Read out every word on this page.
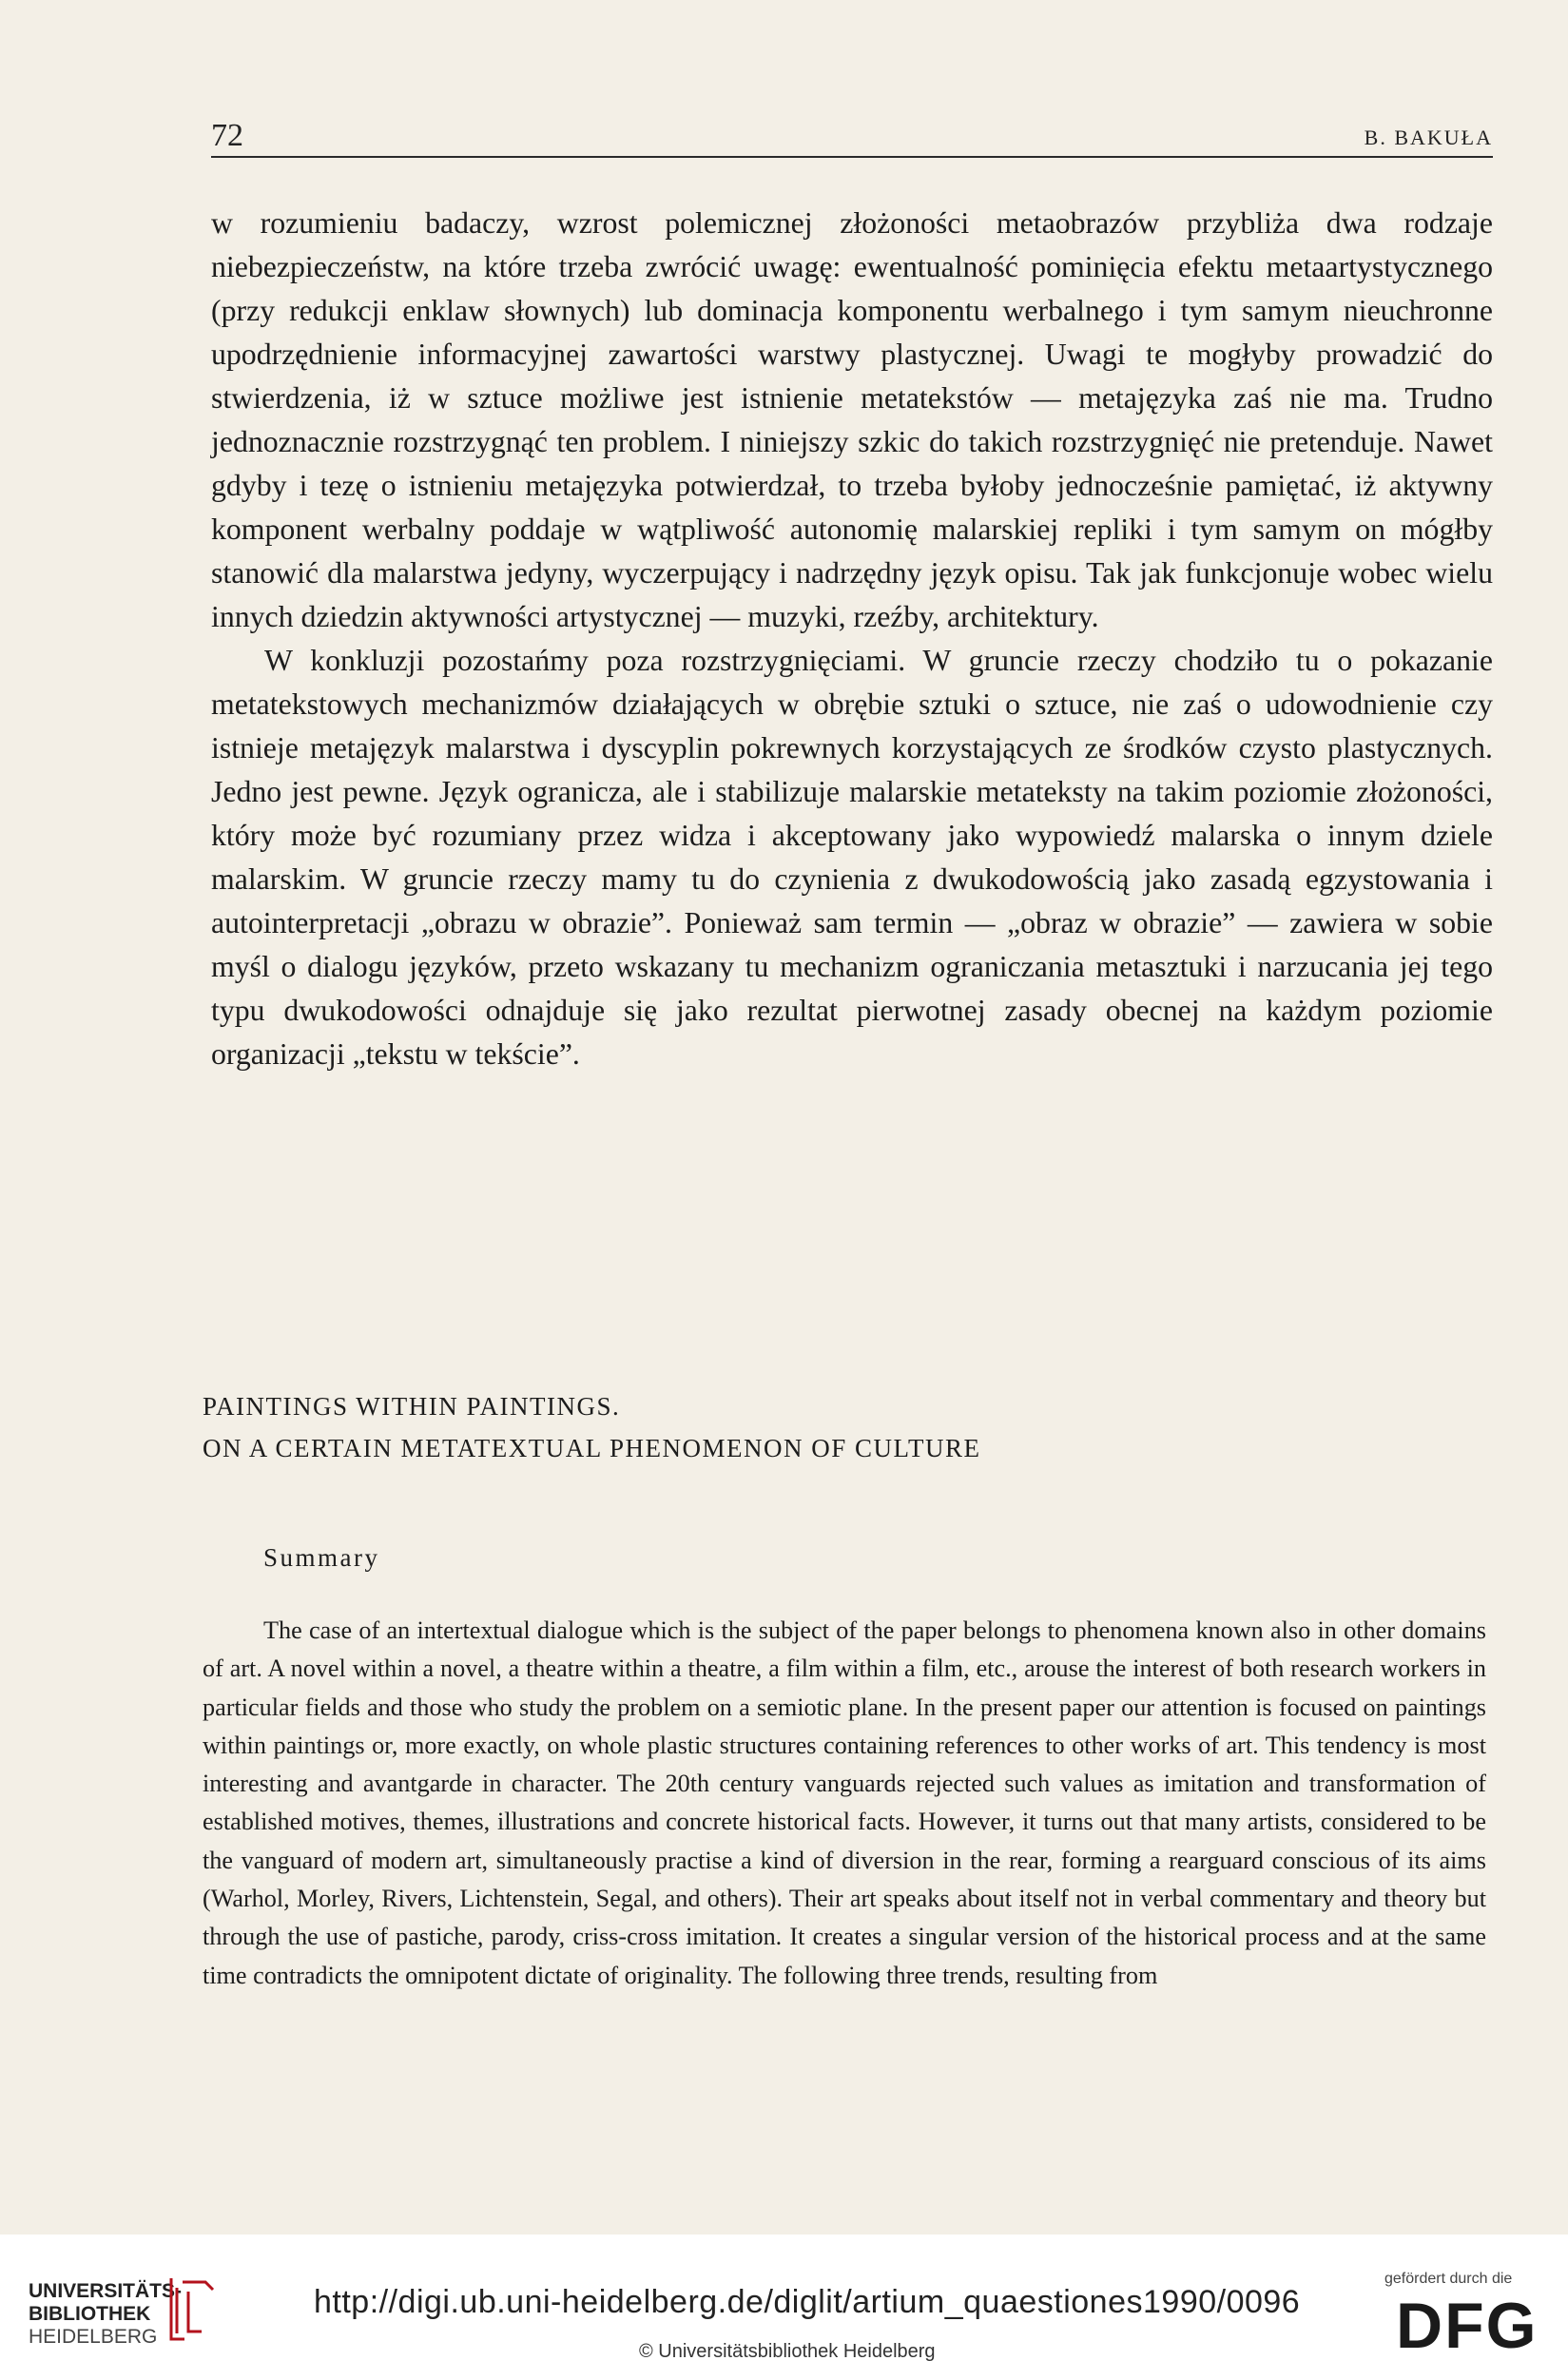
72	B. BAKUŁA

w rozumieniu badaczy, wzrost polemicznej złożoności metaobrazów przybliża dwa rodzaje niebezpieczeństw, na które trzeba zwrócić uwagę: ewentualność pominięcia efektu metaartystycznego (przy redukcji enklaw słownych) lub dominacja komponentu werbalnego i tym samym nieuchronne upodrzędnienie informacyjnej zawartości warstwy plastycznej. Uwagi te mogłyby prowadzić do stwierdzenia, iż w sztuce możliwe jest istnienie metatekstów — metajęzyka zaś nie ma. Trudno jednoznacznie rozstrzygnąć ten problem. I niniejszy szkic do takich rozstrzygnięć nie pretenduje. Nawet gdyby i tezę o istnieniu metajęzyka potwierdzał, to trzeba byłoby jednocześnie pamiętać, iż aktywny komponent werbalny poddaje w wątpliwość autonomię malarskiej repliki i tym samym on mógłby stanowić dla malarstwa jedyny, wyczerpujący i nadrzędny język opisu. Tak jak funkcjonuje wobec wielu innych dziedzin aktywności artystycznej — muzyki, rzeźby, architektury.

W konkluzji pozostańmy poza rozstrzygnięciami. W gruncie rzeczy chodziło tu o pokazanie metatekstowych mechanizmów działających w obrębie sztuki o sztuce, nie zaś o udowodnienie czy istnieje metajęzyk malarstwa i dyscyplin pokrewnych korzystających ze środków czysto plastycznych. Jedno jest pewne. Język ogranicza, ale i stabilizuje malarskie metateksty na takim poziomie złożoności, który może być rozumiany przez widza i akceptowany jako wypowiedź malarska o innym dziele malarskim. W gruncie rzeczy mamy tu do czynienia z dwukodowością jako zasadą egzystowania i autointerpretacji „obrazu w obrazie”. Ponieważ sam termin — „obraz w obrazie” — zawiera w sobie myśl o dialogu języków, przeto wskazany tu mechanizm ograniczania metasztuki i narzucania jej tego typu dwukodowości odnajduje się jako rezultat pierwotnej zasady obecnej na każdym poziomie organizacji „tekstu w tekście”.

PAINTINGS WITHIN PAINTINGS.
ON A CERTAIN METATEXTUAL PHENOMENON OF CULTURE
Summary

The case of an intertextual dialogue which is the subject of the paper belongs to phenomena known also in other domains of art. A novel within a novel, a theatre within a theatre, a film within a film, etc., arouse the interest of both research workers in particular fields and those who study the problem on a semiotic plane. In the present paper our attention is focused on paintings within paintings or, more exactly, on whole plastic structures containing references to other works of art. This tendency is most interesting and avantgarde in character. The 20th century vanguards rejected such values as imitation and transformation of established motives, themes, illustrations and concrete historical facts. However, it turns out that many artists, considered to be the vanguard of modern art, simultaneously practise a kind of diversion in the rear, forming a rearguard conscious of its aims (Warhol, Morley, Rivers, Lichtenstein, Segal, and others). Their art speaks about itself not in verbal commentary and theory but through the use of pastiche, parody, criss-cross imitation. It creates a singular version of the historical process and at the same time contradicts the omnipotent dictate of originality. The following three trends, resulting from

UNIVERSITÄTS-
BIBLIOTHEK
HEIDELBERG
http://digi.ub.uni-heidelberg.de/diglit/artium_quaestiones1990/0096
© Universitätsbibliothek Heidelberg
gefördert durch die
DFG
